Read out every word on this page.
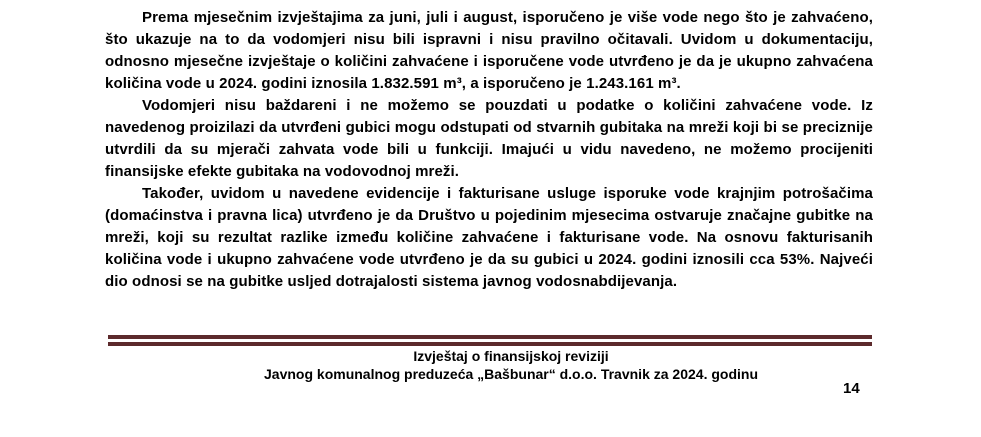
Prema mjesečnim izvještajima za juni, juli i august, isporučeno je više vode nego što je zahvaćeno, što ukazuje na to da vodomjeri nisu bili ispravni i nisu pravilno očitavali. Uvidom u dokumentaciju, odnosno mjesečne izvještaje o količini zahvaćene i isporučene vode utvrđeno je da je ukupno zahvaćena količina vode u 2024. godini iznosila 1.832.591 m³, a isporučeno je 1.243.161 m³.

Vodomjeri nisu baždareni i ne možemo se pouzdati u podatke o količini zahvaćene vode. Iz navedenog proizilazi da utvrđeni gubici mogu odstupati od stvarnih gubitaka na mreži koji bi se preciznije utvrdili da su mjerači zahvata vode bili u funkciji. Imajući u vidu navedeno, ne možemo procijeniti finansijske efekte gubitaka na vodovodnoj mreži.

Također, uvidom u navedene evidencije i fakturisane usluge isporuke vode krajnjim potrošačima (domaćinstva i pravna lica) utvrđeno je da Društvo u pojedinim mjesecima ostvaruje značajne gubitke na mreži, koji su rezultat razlike između količine zahvaćene i fakturisane vode. Na osnovu fakturisanih količina vode i ukupno zahvaćene vode utvrđeno je da su gubici u 2024. godini iznosili cca 53%. Najveći dio odnosi se na gubitke usljed dotrajalosti sistema javnog vodosnabdijevanja.

Izvještaj o finansijskoj reviziji
Javnog komunalnog preduzeća „Bašbunar“ d.o.o. Travnik za 2024. godinu
14
